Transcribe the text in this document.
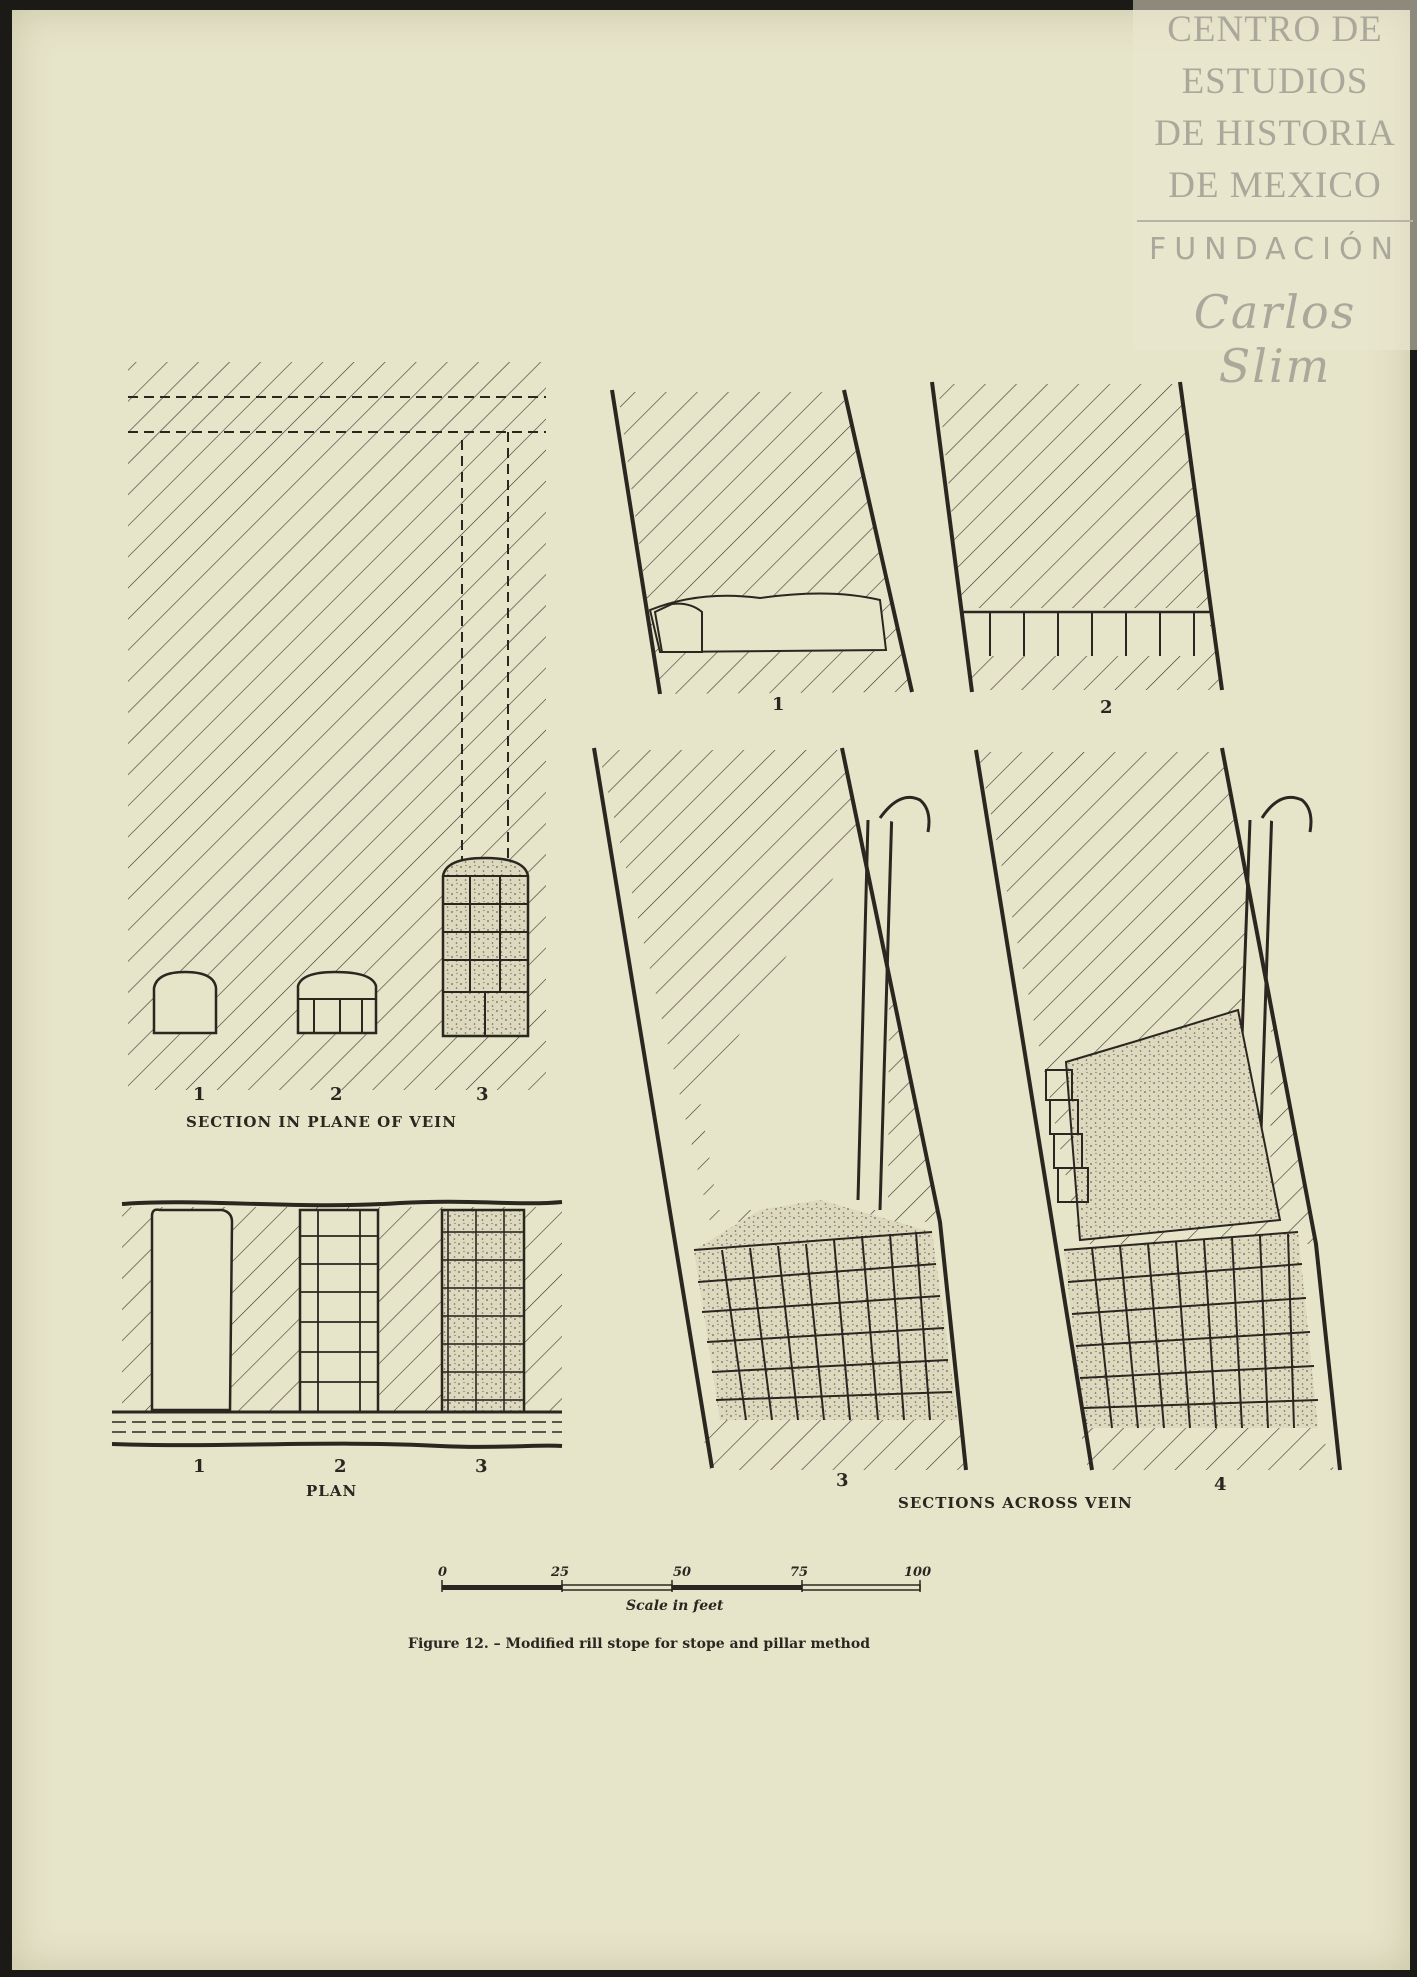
CENTRO DE
ESTUDIOS
DE HISTORIA
DE MEXICO
FUNDACIÓN
Carlos Slim
1	2	3
SECTION IN PLANE OF VEIN
1	2	3
PLAN
1	2
3	4
SECTIONS ACROSS VEIN
0	25	50	75	100
Scale in feet
Figure 12. – Modified rill stope for stope and pillar method
